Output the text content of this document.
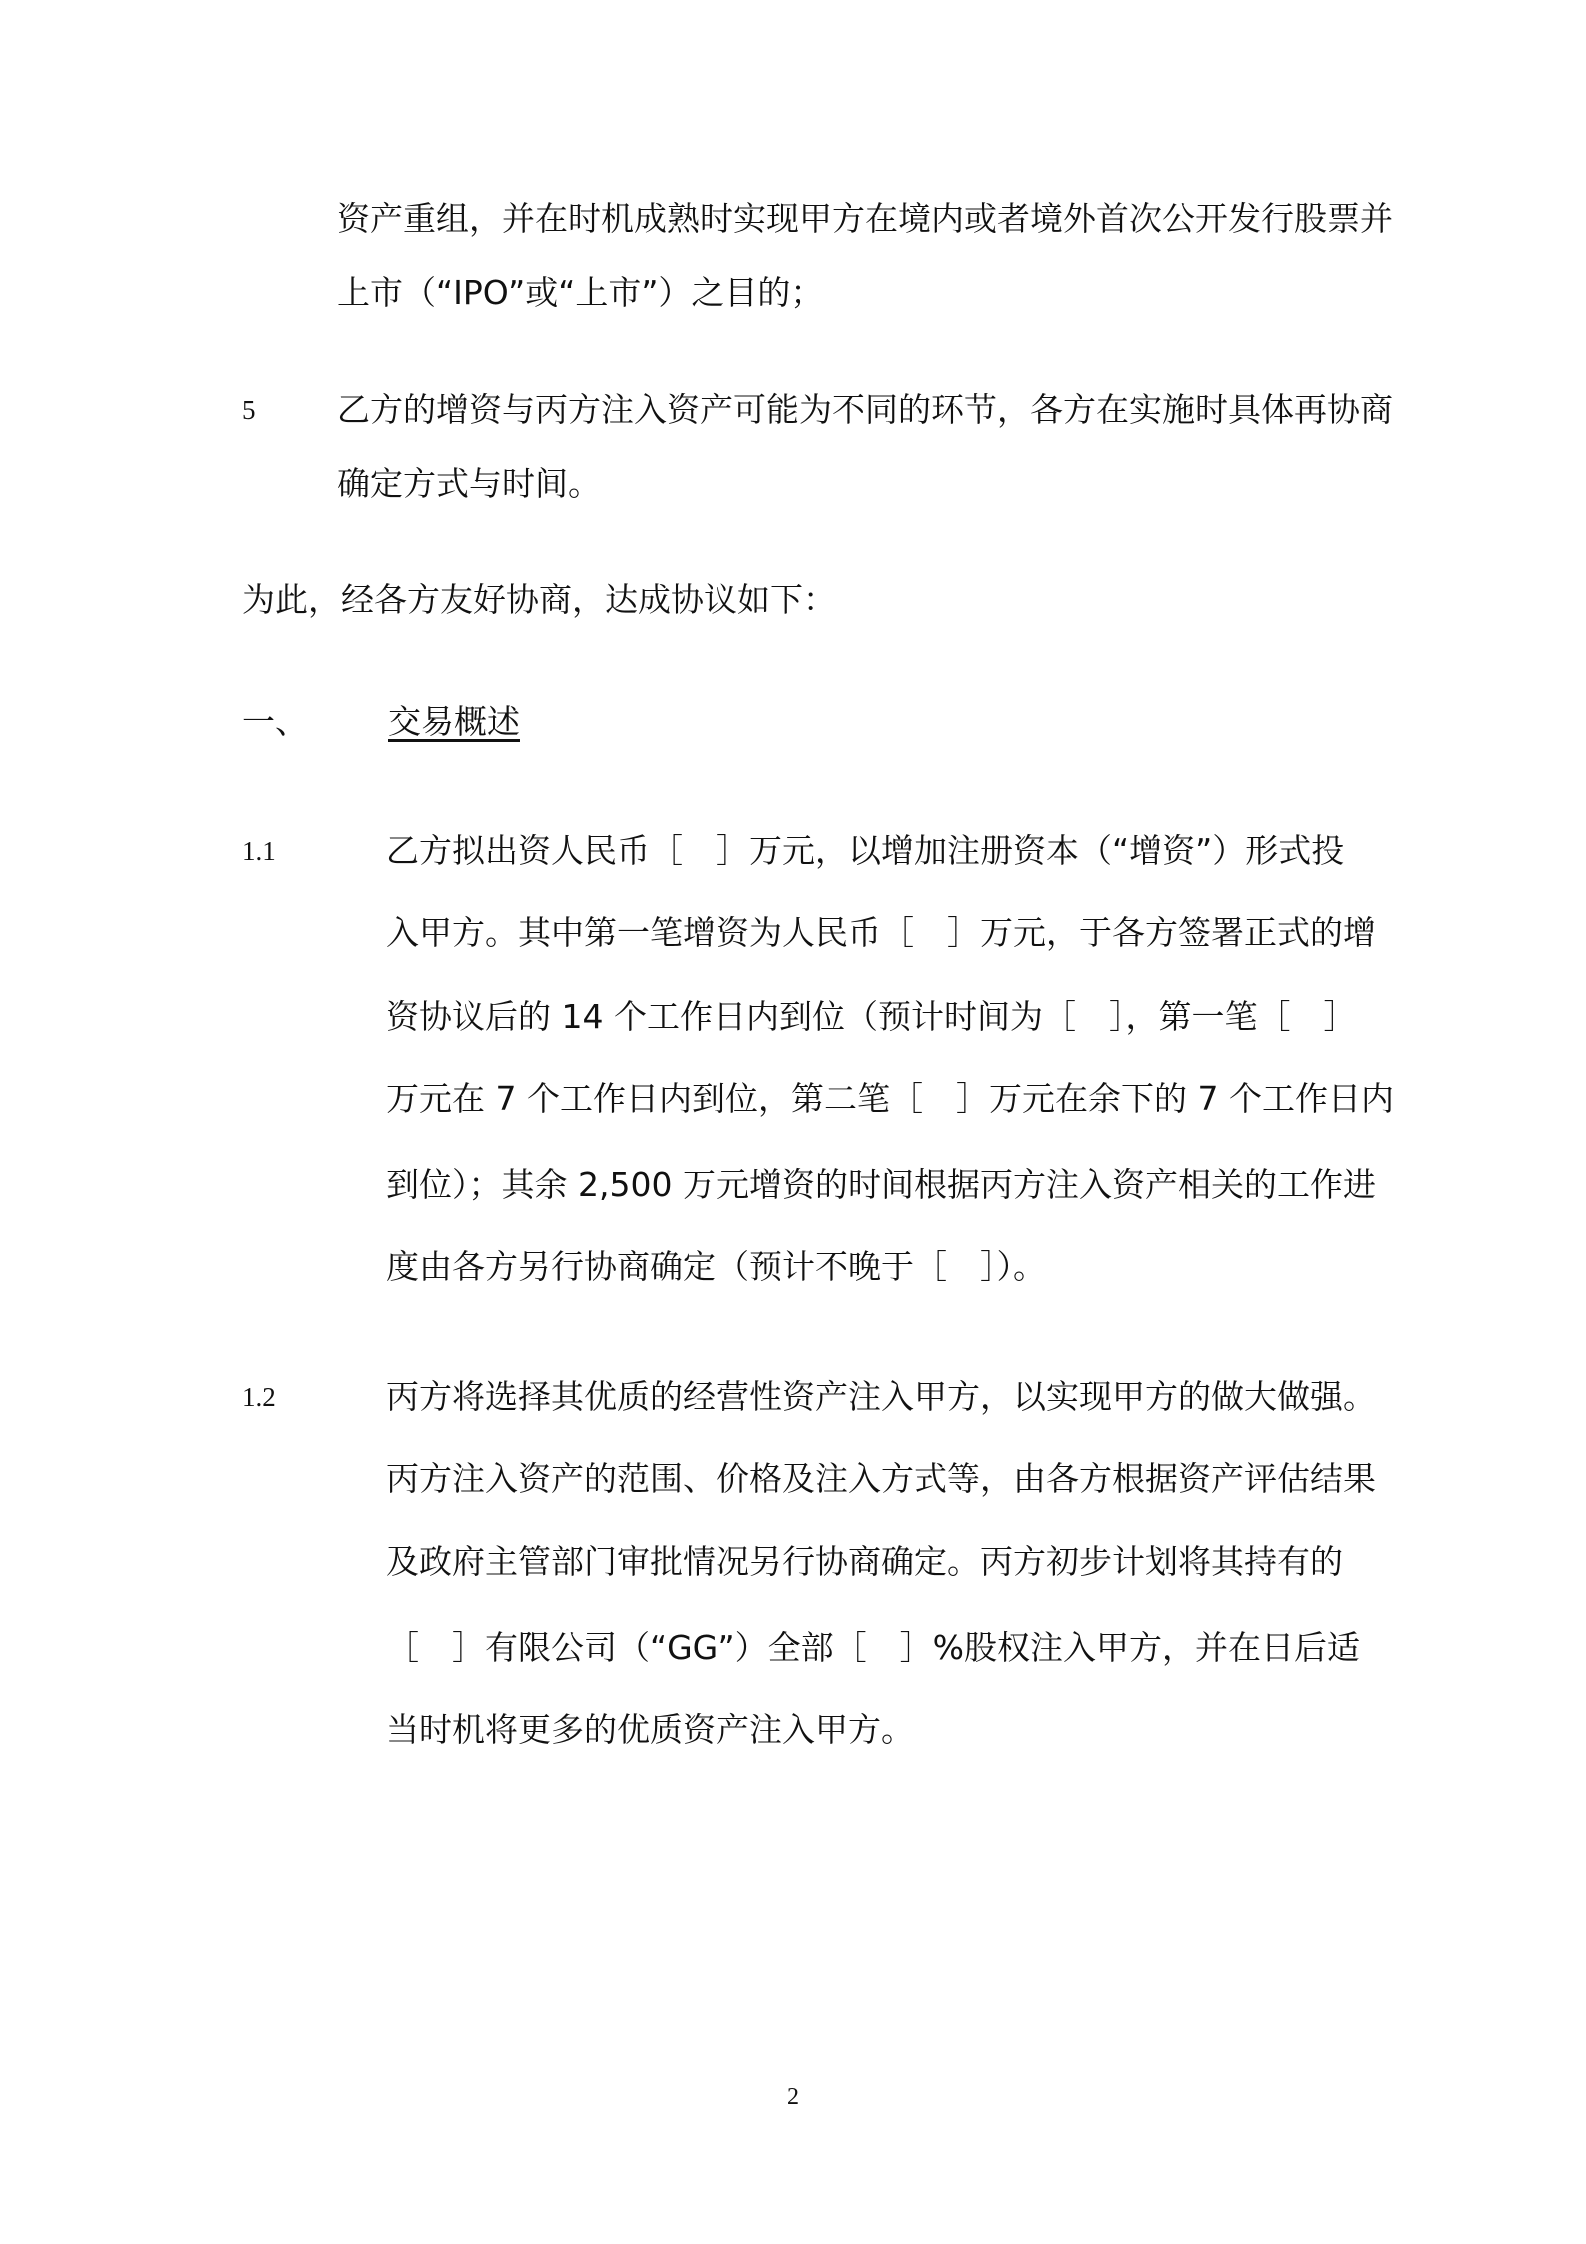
资产重组，并在时机成熟时实现甲方在境内或者境外首次公开发行股票并
上市（“IPO”或“上市”）之目的；
5 乙方的增资与丙方注入资产可能为不同的环节，各方在实施时具体再协商
确定方式与时间。
为此，经各方友好协商，达成协议如下：
一、 交易概述
1.1	乙方拟出资人民币［　］万元，以增加注册资本（“增资”）形式投
入甲方。其中第一笔增资为人民币［　］万元，于各方签署正式的增
资协议后的 14 个工作日内到位（预计时间为［　］，第一笔［　］
万元在 7 个工作日内到位，第二笔［　］万元在余下的 7 个工作日内
到位）；其余 2,500 万元增资的时间根据丙方注入资产相关的工作进
度由各方另行协商确定（预计不晚于［　］）。
1.2	丙方将选择其优质的经营性资产注入甲方，以实现甲方的做大做强。
丙方注入资产的范围、价格及注入方式等，由各方根据资产评估结果
及政府主管部门审批情况另行协商确定。丙方初步计划将其持有的
［　］有限公司（“GG”）全部［　］%股权注入甲方，并在日后适
当时机将更多的优质资产注入甲方。
2
